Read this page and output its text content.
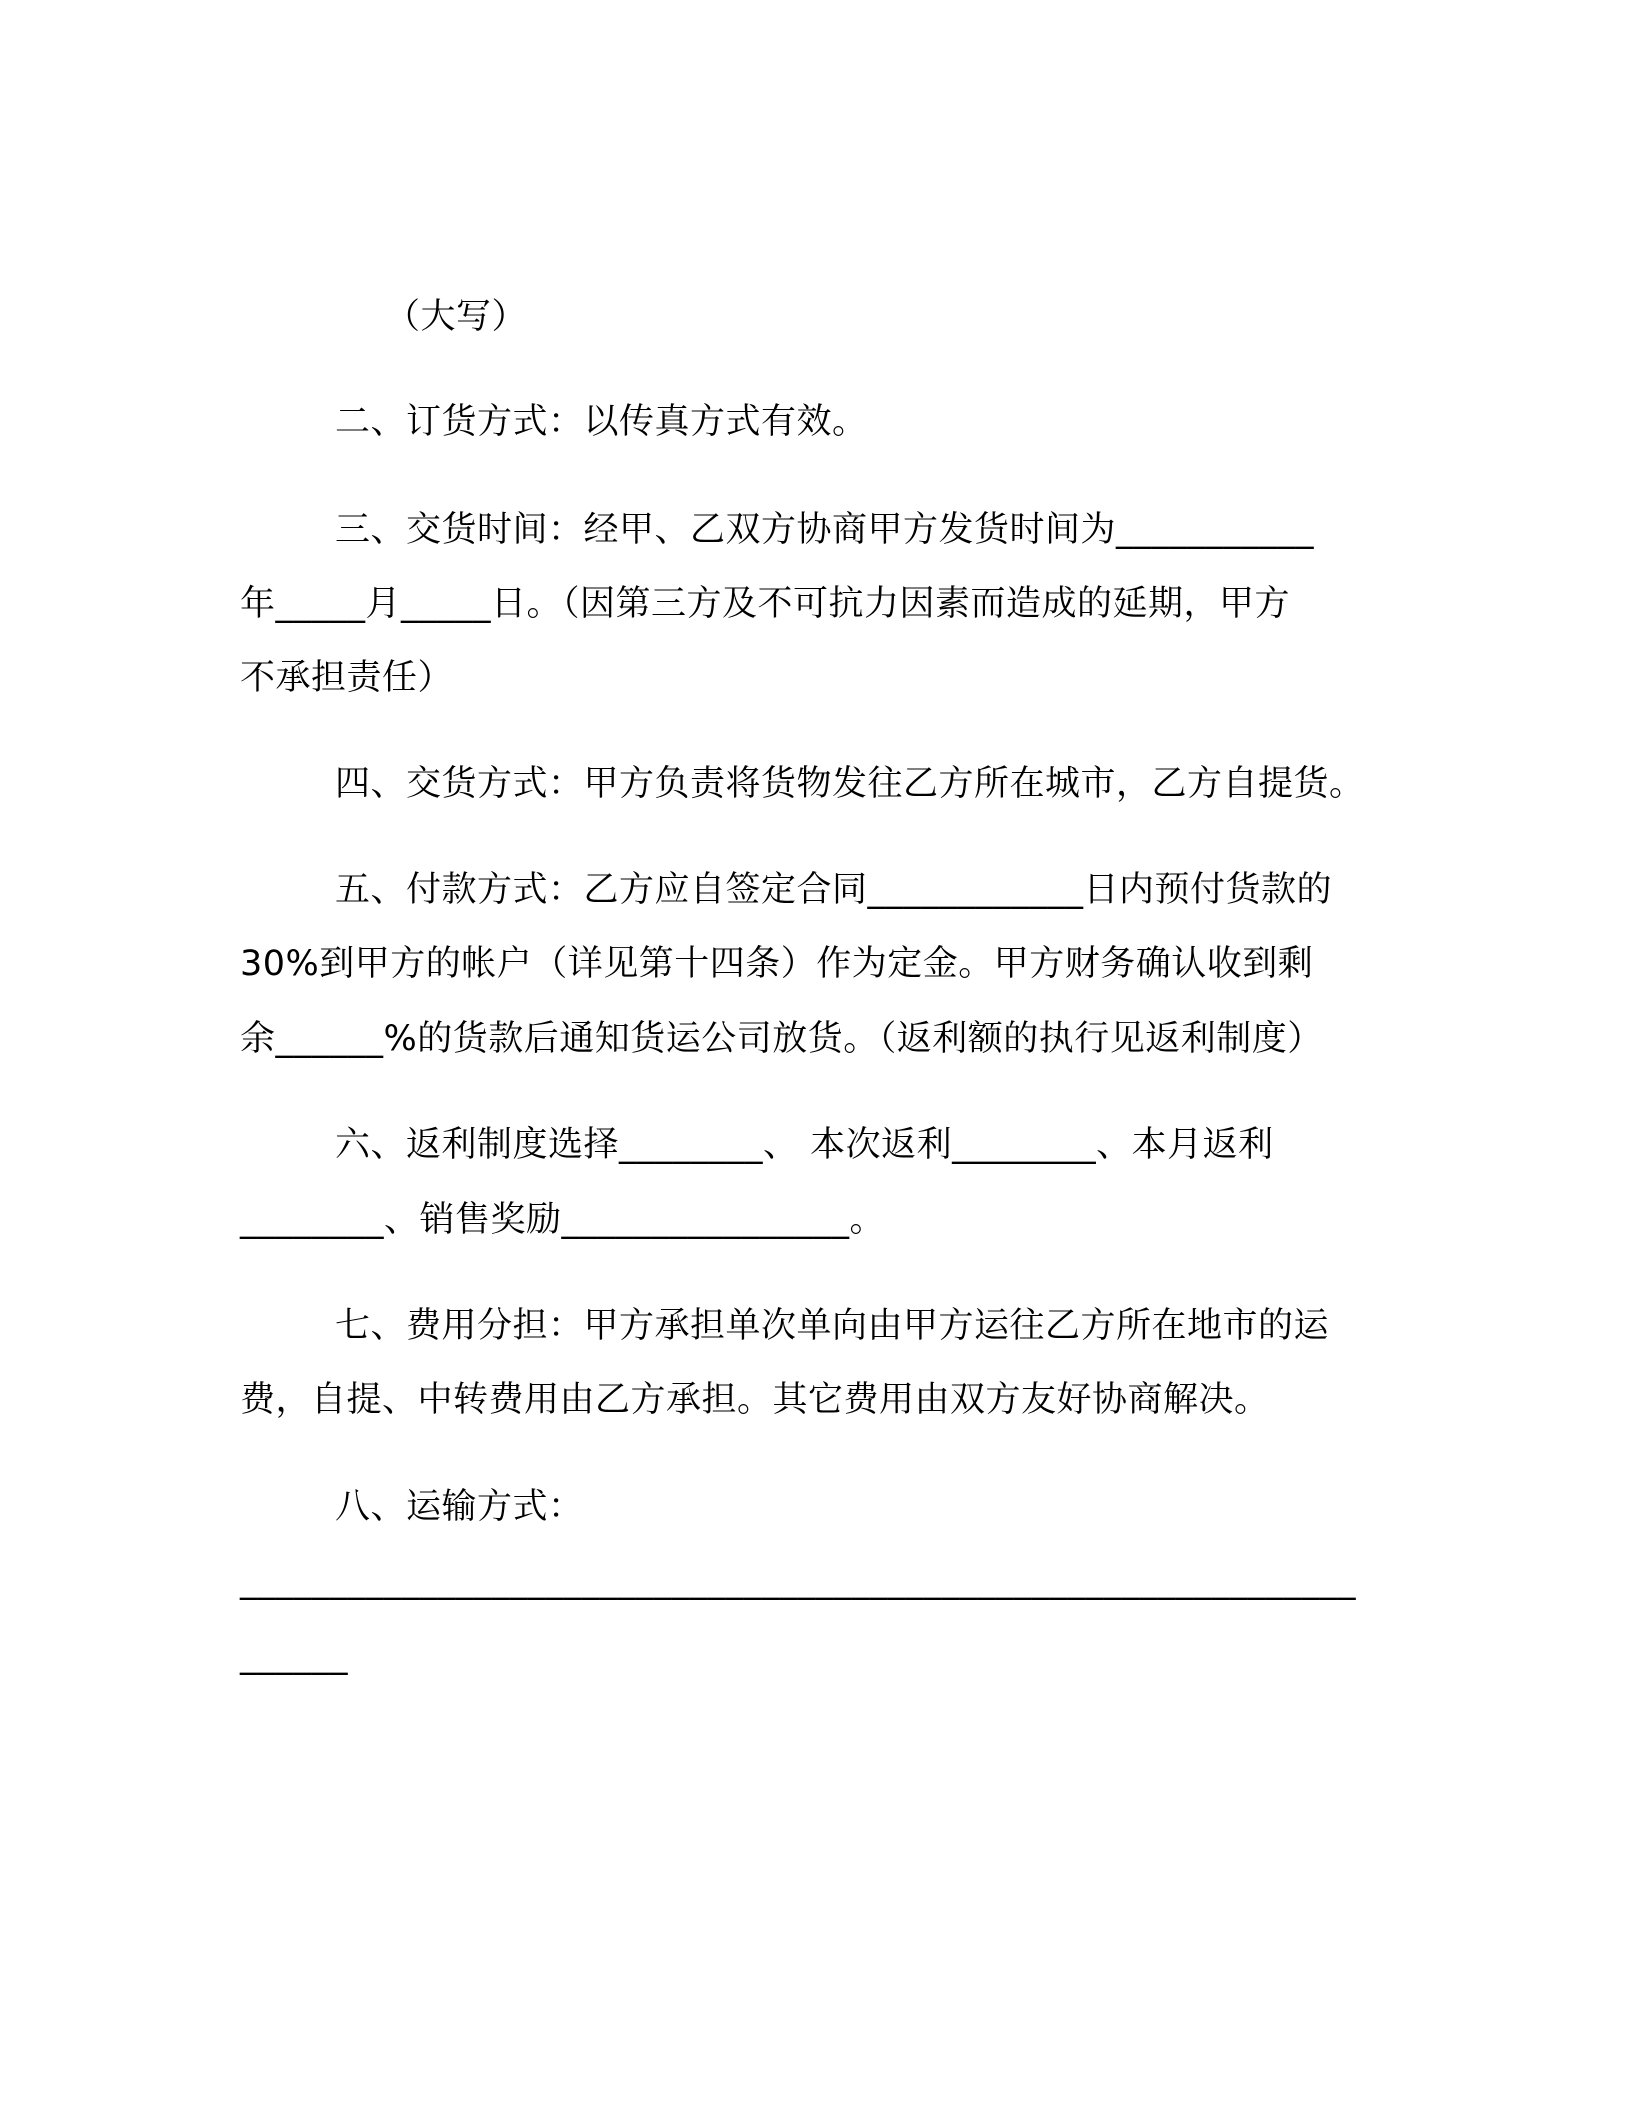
（大写）
二、订货方式：以传真方式有效。
三、交货时间：经甲、乙双方协商甲方发货时间为___________
年_____月_____日。（因第三方及不可抗力因素而造成的延期，甲方
不承担责任）
四、交货方式：甲方负责将货物发往乙方所在城市，乙方自提货。
五、付款方式：乙方应自签定合同____________日内预付货款的
30%到甲方的帐户（详见第十四条）作为定金。甲方财务确认收到剩
余______%的货款后通知货运公司放货。（返利额的执行见返利制度）
六、返利制度选择________、 本次返利________、本月返利
________、销售奖励________________。
七、费用分担：甲方承担单次单向由甲方运往乙方所在地市的运
费，自提、中转费用由乙方承担。其它费用由双方友好协商解决。
八、运输方式：
______________________________________________________________
______
